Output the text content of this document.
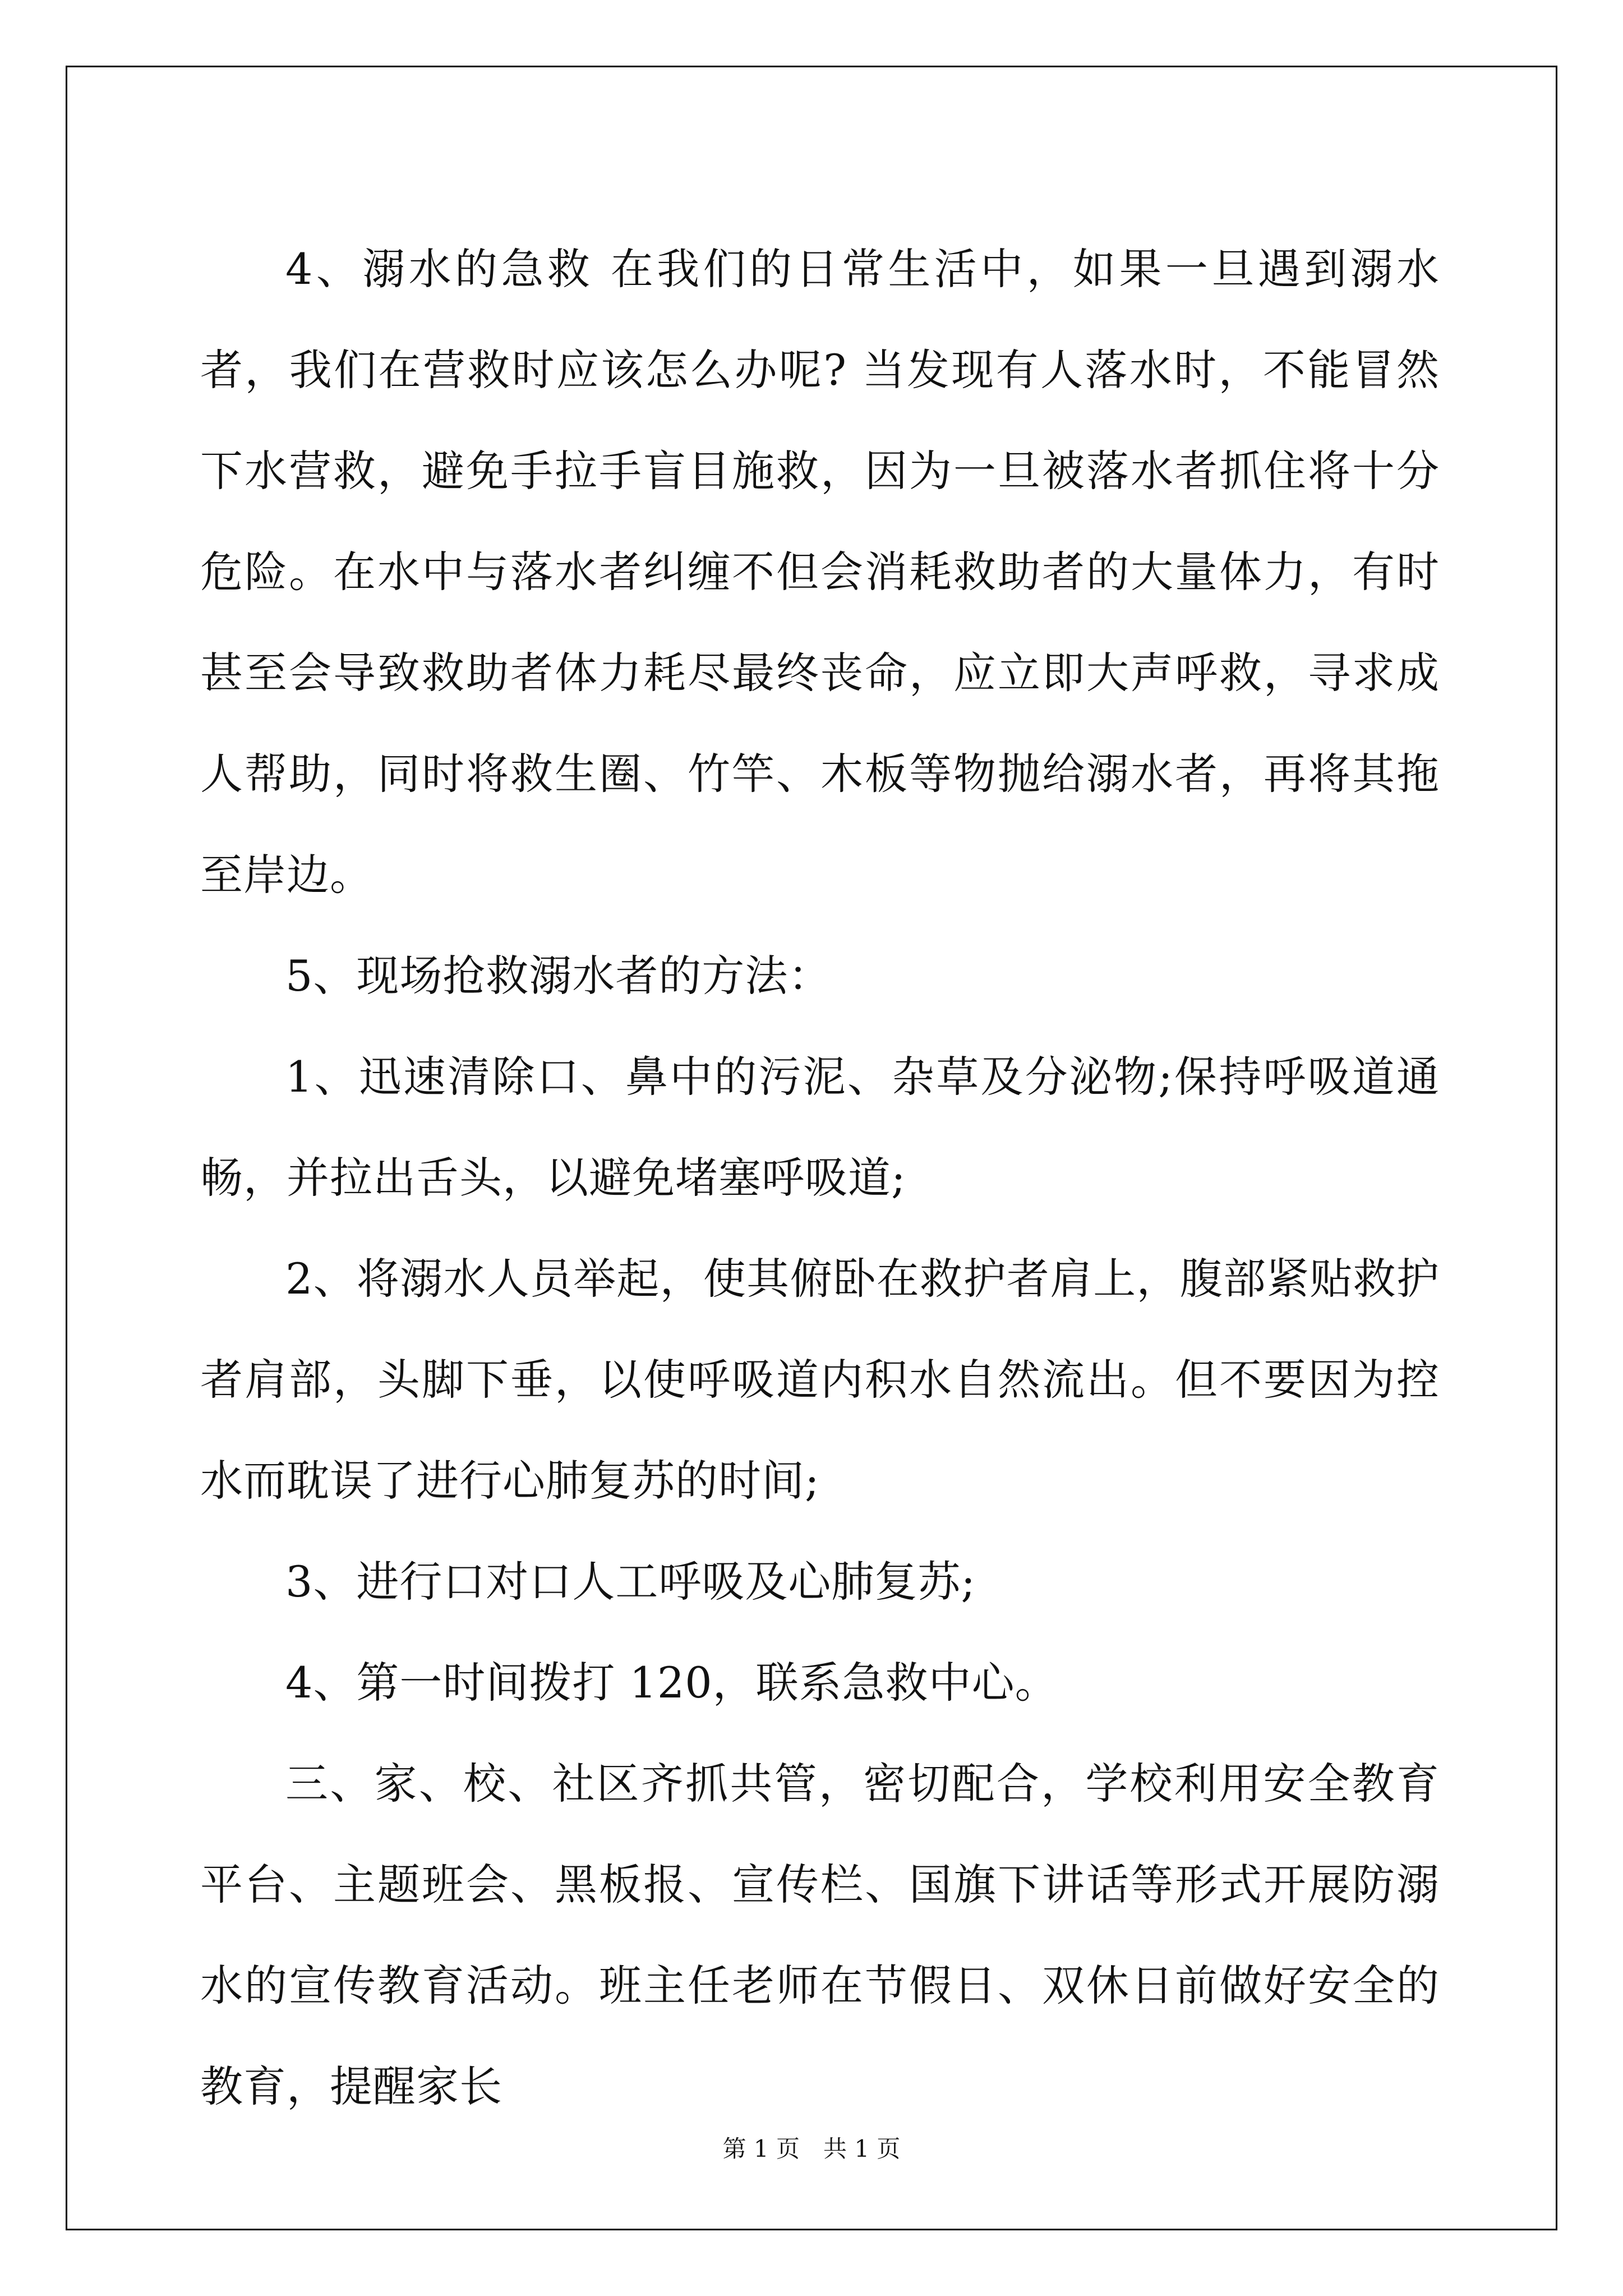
4、溺水的急救 在我们的日常生活中，如果一旦遇到溺水者，我们在营救时应该怎么办呢? 当发现有人落水时，不能冒然下水营救，避免手拉手盲目施救，因为一旦被落水者抓住将十分危险。在水中与落水者纠缠不但会消耗救助者的大量体力，有时甚至会导致救助者体力耗尽最终丧命，应立即大声呼救，寻求成人帮助，同时将救生圈、竹竿、木板等物抛给溺水者，再将其拖至岸边。

5、现场抢救溺水者的方法：

1、迅速清除口、鼻中的污泥、杂草及分泌物;保持呼吸道通畅，并拉出舌头，以避免堵塞呼吸道;

2、将溺水人员举起，使其俯卧在救护者肩上，腹部紧贴救护者肩部，头脚下垂，以使呼吸道内积水自然流出。但不要因为控水而耽误了进行心肺复苏的时间;

3、进行口对口人工呼吸及心肺复苏;

4、第一时间拨打 120，联系急救中心。

三、家、校、社区齐抓共管，密切配合，学校利用安全教育平台、主题班会、黑板报、宣传栏、国旗下讲话等形式开展防溺水的宣传教育活动。班主任老师在节假日、双休日前做好安全的教育，提醒家长

第 1 页　共 1 页
